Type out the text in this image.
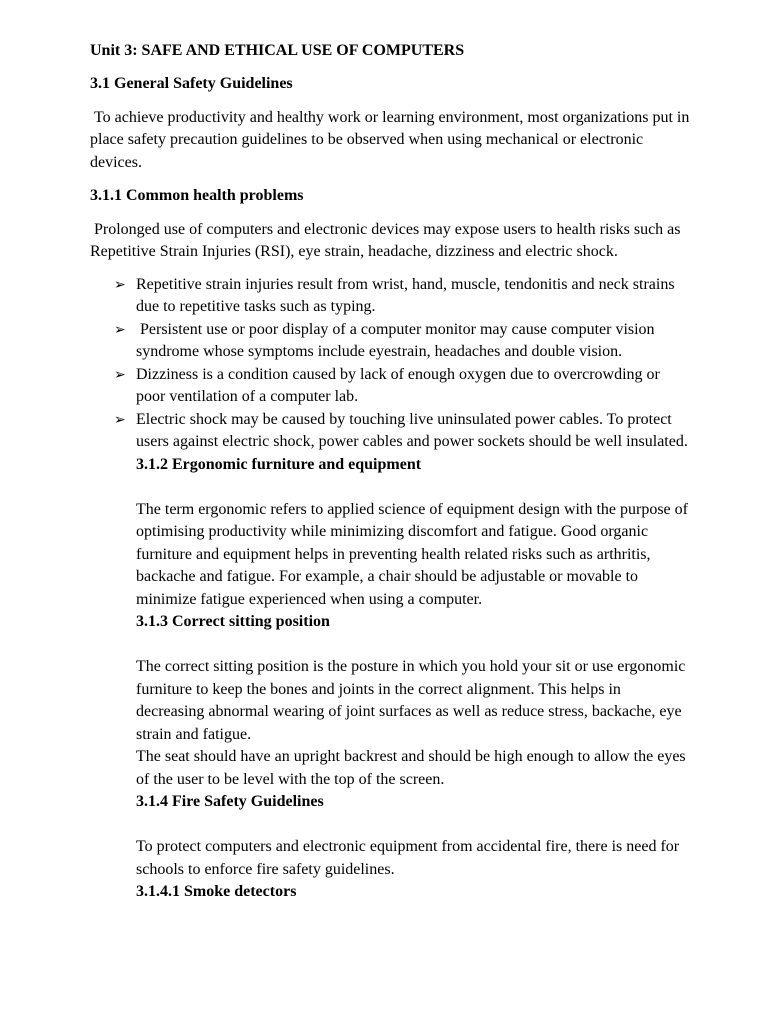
Unit 3: SAFE AND ETHICAL USE OF COMPUTERS

3.1 General Safety Guidelines

To achieve productivity and healthy work or learning environment, most organizations put in place safety precaution guidelines to be observed when using mechanical or electronic devices.

3.1.1 Common health problems

Prolonged use of computers and electronic devices may expose users to health risks such as Repetitive Strain Injuries (RSI), eye strain, headache, dizziness and electric shock.

➢ Repetitive strain injuries result from wrist, hand, muscle, tendonitis and neck strains due to repetitive tasks such as typing.
➢ Persistent use or poor display of a computer monitor may cause computer vision syndrome whose symptoms include eyestrain, headaches and double vision.
➢ Dizziness is a condition caused by lack of enough oxygen due to overcrowding or poor ventilation of a computer lab.
➢ Electric shock may be caused by touching live uninsulated power cables. To protect users against electric shock, power cables and power sockets should be well insulated.

3.1.2 Ergonomic furniture and equipment

The term ergonomic refers to applied science of equipment design with the purpose of optimising productivity while minimizing discomfort and fatigue. Good organic furniture and equipment helps in preventing health related risks such as arthritis, backache and fatigue. For example, a chair should be adjustable or movable to minimize fatigue experienced when using a computer.

3.1.3 Correct sitting position

The correct sitting position is the posture in which you hold your sit or use ergonomic furniture to keep the bones and joints in the correct alignment. This helps in decreasing abnormal wearing of joint surfaces as well as reduce stress, backache, eye strain and fatigue.

The seat should have an upright backrest and should be high enough to allow the eyes of the user to be level with the top of the screen.

3.1.4 Fire Safety Guidelines

To protect computers and electronic equipment from accidental fire, there is need for schools to enforce fire safety guidelines.

3.1.4.1 Smoke detectors
